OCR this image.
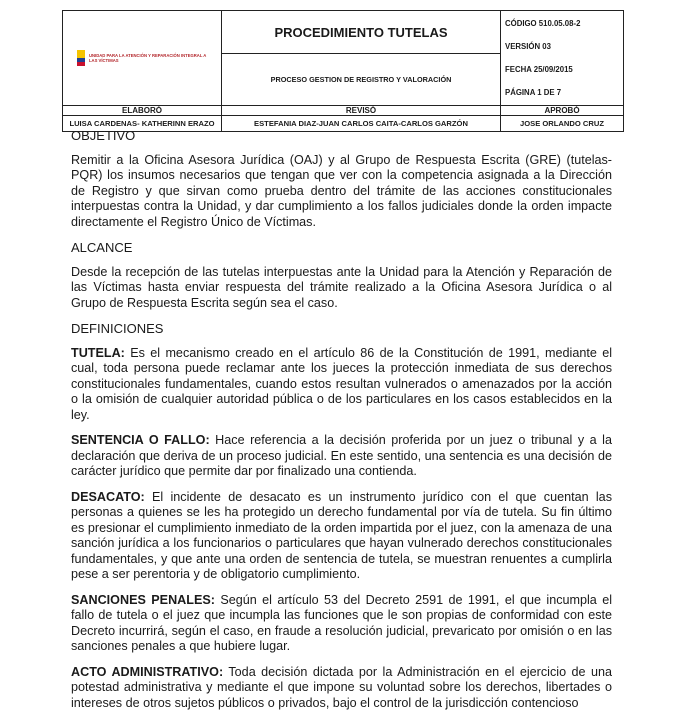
UNIDAD PARA LA ATENCIÓN Y REPARACIÓN INTEGRAL A LAS VÍCTIMAS	PROCEDIMIENTO TUTELAS	CÓDIGO 510.05.08-2
VERSIÓN 03
FECHA 25/09/2015
PÁGINA 1 DE 7

	PROCESO GESTION DE REGISTRO Y VALORACIÓN	
ELABORÓ	REVISÓ	APROBÓ
LUISA CARDENAS- KATHERINN ERAZO	ESTEFANIA DIAZ-JUAN CARLOS CAITA-CARLOS GARZÓN	JOSE ORLANDO CRUZ
OBJETIVO

Remitir a la Oficina Asesora Jurídica (OAJ) y al Grupo de Respuesta Escrita (GRE) (tutelas-PQR) los insumos necesarios que tengan que ver con la competencia asignada a la Dirección de Registro y que sirvan como prueba dentro del trámite de las acciones constitucionales interpuestas contra la Unidad, y dar cumplimiento a los fallos judiciales donde la orden impacte directamente el Registro Único de Víctimas.

ALCANCE

Desde la recepción de las tutelas interpuestas ante la Unidad para la Atención y Reparación de las Víctimas hasta enviar respuesta del trámite realizado a la Oficina Asesora Jurídica o al Grupo de Respuesta Escrita según sea el caso.

DEFINICIONES

TUTELA: Es el mecanismo creado en el artículo 86 de la Constitución de 1991, mediante el cual, toda persona puede reclamar ante los jueces la protección inmediata de sus derechos constitucionales fundamentales, cuando estos resultan vulnerados o amenazados por la acción o la omisión de cualquier autoridad pública o de los particulares en los casos establecidos en la ley.

SENTENCIA O FALLO: Hace referencia a la decisión proferida por un juez o tribunal y a la declaración que deriva de un proceso judicial. En este sentido, una sentencia es una decisión de carácter jurídico que permite dar por finalizado una contienda.

DESACATO: El incidente de desacato es un instrumento jurídico con el que cuentan las personas a quienes se les ha protegido un derecho fundamental por vía de tutela. Su fin último es presionar el cumplimiento inmediato de la orden impartida por el juez, con la amenaza de una sanción jurídica a los funcionarios o particulares que hayan vulnerado derechos constitucionales fundamentales, y que ante una orden de sentencia de tutela, se muestran renuentes a cumplirla pese a ser perentoria y de obligatorio cumplimiento.

SANCIONES PENALES: Según el artículo 53 del Decreto 2591 de 1991, el que incumpla el fallo de tutela o el juez que incumpla las funciones que le son propias de conformidad con este Decreto incurrirá, según el caso, en fraude a resolución judicial, prevaricato por omisión o en las sanciones penales a que hubiere lugar.

ACTO ADMINISTRATIVO: Toda decisión dictada por la Administración en el ejercicio de una potestad administrativa y mediante el que impone su voluntad sobre los derechos, libertades o intereses de otros sujetos públicos o privados, bajo el control de la jurisdicción contencioso
